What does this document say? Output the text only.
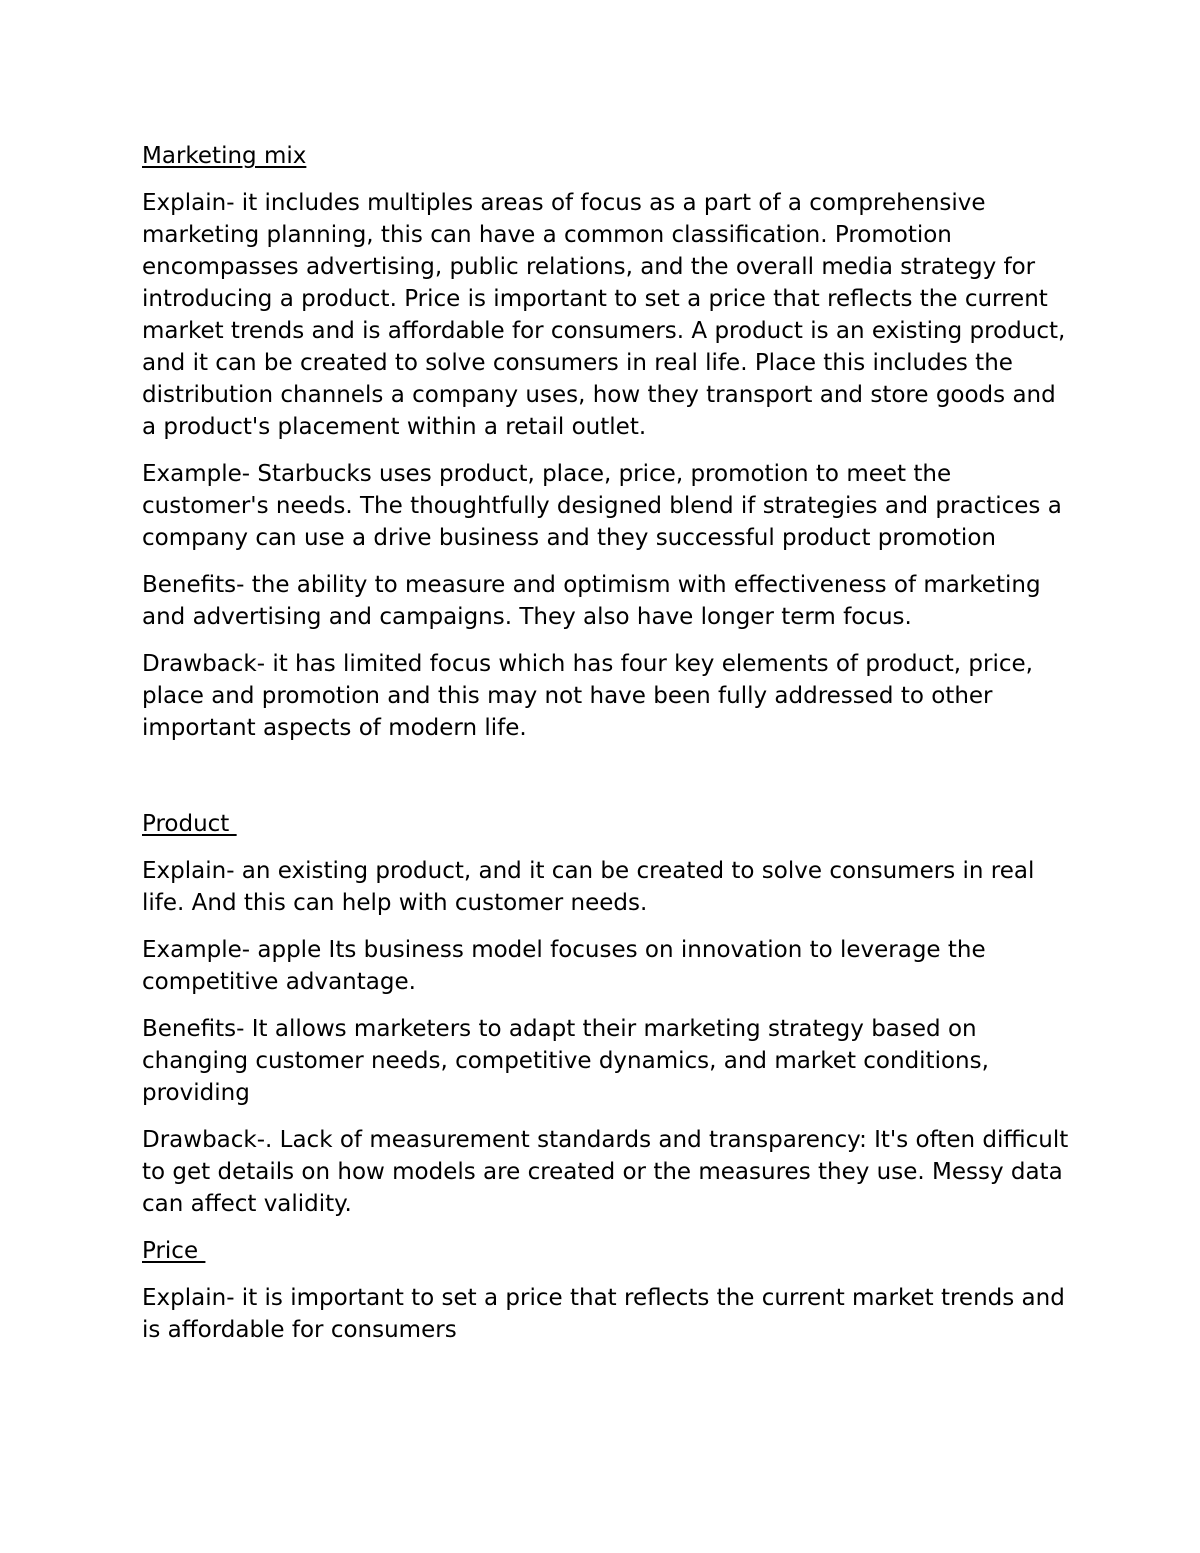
Marketing mix

Explain- it includes multiples areas of focus as a part of a comprehensive marketing planning, this can have a common classification. Promotion encompasses advertising, public relations, and the overall media strategy for introducing a product. Price is important to set a price that reflects the current market trends and is affordable for consumers. A product is an existing product, and it can be created to solve consumers in real life. Place this includes the distribution channels a company uses, how they transport and store goods and a product's placement within a retail outlet.

Example- Starbucks uses product, place, price, promotion to meet the customer's needs. The thoughtfully designed blend if strategies and practices a company can use a drive business and they successful product promotion

Benefits- the ability to measure and optimism with effectiveness of marketing and advertising and campaigns. They also have longer term focus.

Drawback- it has limited focus which has four key elements of product, price, place and promotion and this may not have been fully addressed to other important aspects of modern life.

Product

Explain- an existing product, and it can be created to solve consumers in real life. And this can help with customer needs.

Example- apple Its business model focuses on innovation to leverage the competitive advantage.

Benefits- It allows marketers to adapt their marketing strategy based on changing customer needs, competitive dynamics, and market conditions, providing

Drawback-. Lack of measurement standards and transparency: It's often difficult to get details on how models are created or the measures they use. Messy data can affect validity.

Price

Explain- it is important to set a price that reflects the current market trends and is affordable for consumers
